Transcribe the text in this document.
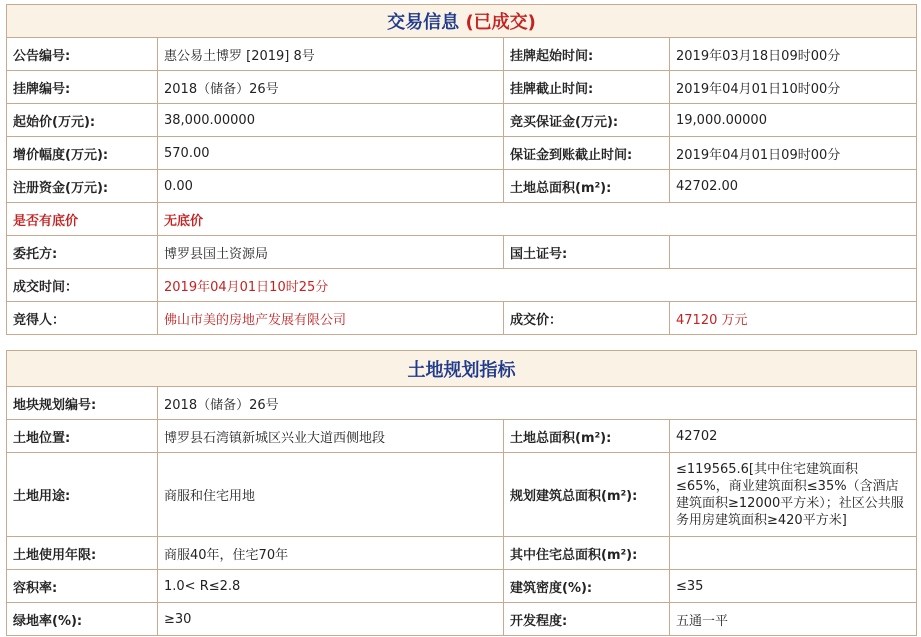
交易信息 (已成交)			
公告编号:	惠公易土博罗 [2019] 8号	挂牌起始时间:	2019年03月18日09时00分
挂牌编号:	2018（储备）26号	挂牌截止时间:	2019年04月01日10时00分
起始价(万元):	38,000.00000	竞买保证金(万元):	19,000.00000
增价幅度(万元):	570.00	保证金到账截止时间:	2019年04月01日09时00分
注册资金(万元):	0.00	土地总面积(m²):	42702.00
是否有底价	无底价		
委托方:	博罗县国土资源局	国土证号:	
成交时间：	2019年04月01日10时25分		
竞得人：	佛山市美的房地产发展有限公司	成交价：	47120 万元
土地规划指标			
地块规划编号:	2018（储备）26号		
土地位置:	博罗县石湾镇新城区兴业大道西侧地段	土地总面积(m²):	42702
土地用途:	商服和住宅用地	规划建筑总面积(m²):	≤119565.6[其中住宅建筑面积≤65%，商业建筑面积≤35%（含酒店建筑面积≥12000平方米）；社区公共服务用房建筑面积≥420平方米]
土地使用年限:	商服40年，住宅70年	其中住宅总面积(m²):	
容积率:	1.0< R≤2.8	建筑密度(%):	≤35
绿地率(%):	≥30	开发程度:	五通一平
